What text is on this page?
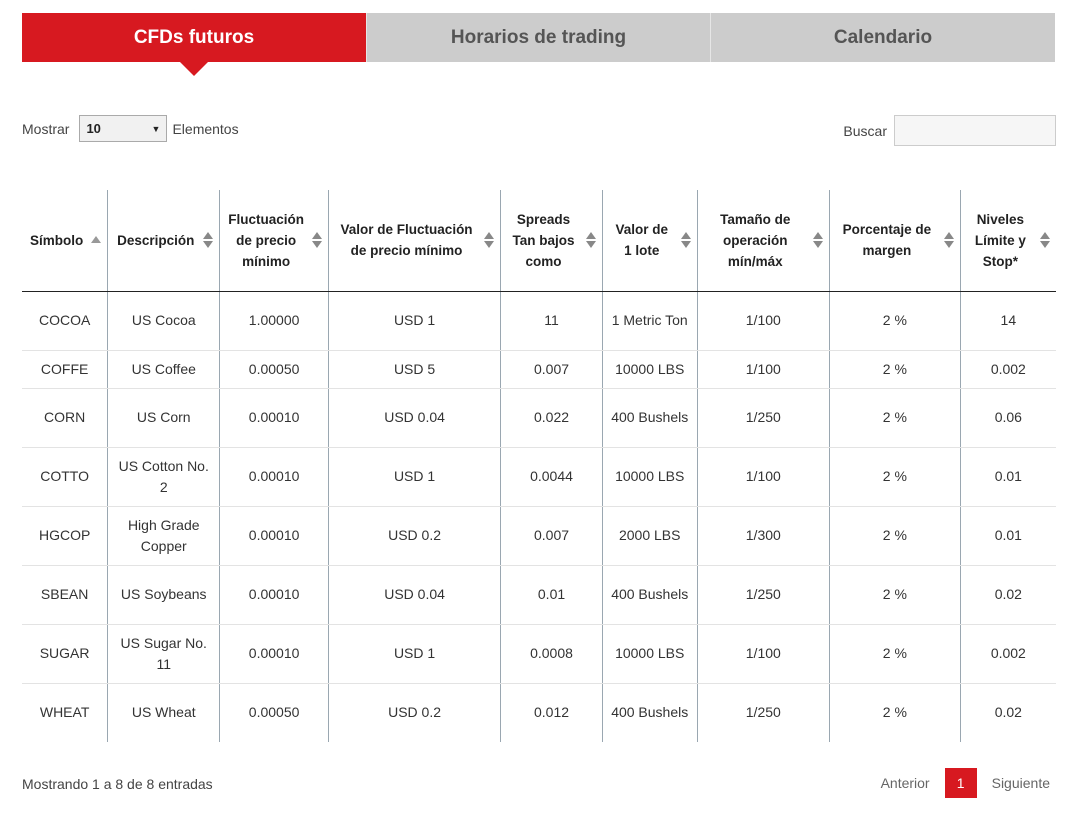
CFDs futuros	Horarios de trading	Calendario
Mostrar 10	▼ Elementos	Buscar
Símbolo	Descripción	Fluctuación de precio mínimo	Valor de Fluctuación de precio mínimo	Spreads Tan bajos como	Valor de 1 lote	Tamaño de operación mín/máx	Porcentaje de margen	Niveles Límite y Stop*

COCOA	US Cocoa	1.00000	USD 1	11	1 Metric Ton	1/100	2 %	14
COFFE	US Coffee	0.00050	USD 5	0.007	10000 LBS	1/100	2 %	0.002
CORN	US Corn	0.00010	USD 0.04	0.022	400 Bushels	1/250	2 %	0.06
COTTO	US Cotton No. 2	0.00010	USD 1	0.0044	10000 LBS	1/100	2 %	0.01
HGCOP	High Grade Copper	0.00010	USD 0.2	0.007	2000 LBS	1/300	2 %	0.01
SBEAN	US Soybeans	0.00010	USD 0.04	0.01	400 Bushels	1/250	2 %	0.02
SUGAR	US Sugar No. 11	0.00010	USD 1	0.0008	10000 LBS	1/100	2 %	0.002
WHEAT	US Wheat	0.00050	USD 0.2	0.012	400 Bushels	1/250	2 %	0.02
Mostrando 1 a 8 de 8 entradas	Anterior	1	Siguiente
